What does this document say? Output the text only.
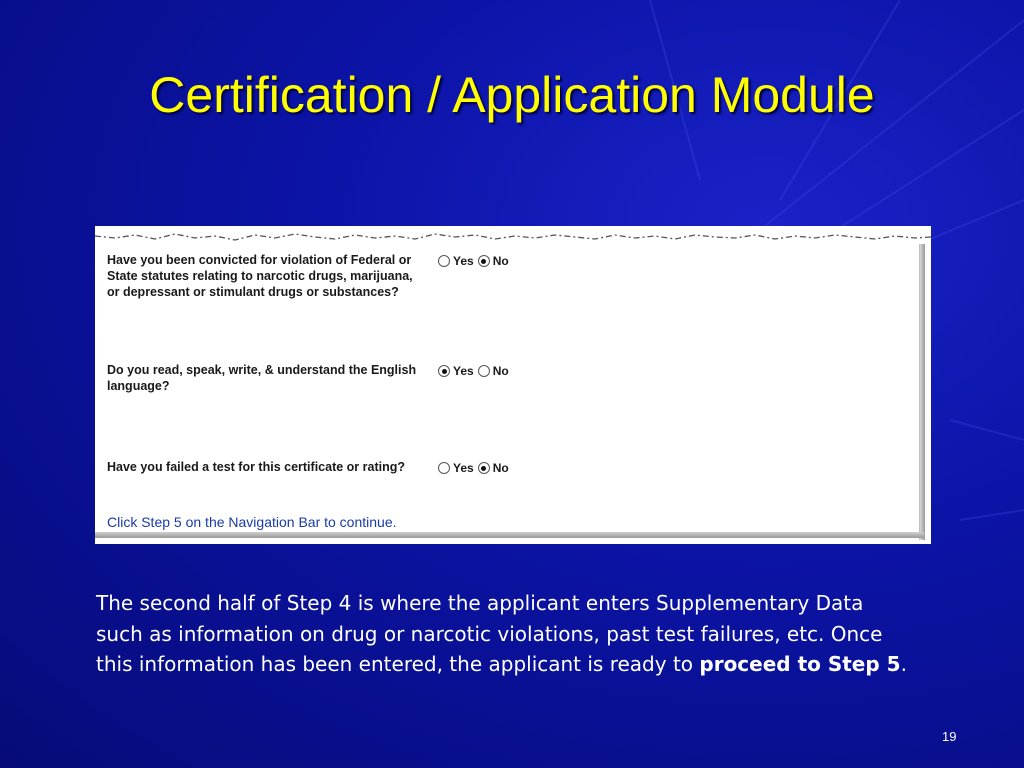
Certification / Application Module
Have you been convicted for violation of Federal or State statutes relating to narcotic drugs, marijuana, or depressant or stimulant drugs or substances?
Yes No
Do you read, speak, write, & understand the English language?
Yes No
Have you failed a test for this certificate or rating?	Yes No
Click Step 5 on the Navigation Bar to continue.
The second half of Step 4 is where the applicant enters Supplementary Data such as information on drug or narcotic violations, past test failures, etc. Once this information has been entered, the applicant is ready to proceed to Step 5.
19
